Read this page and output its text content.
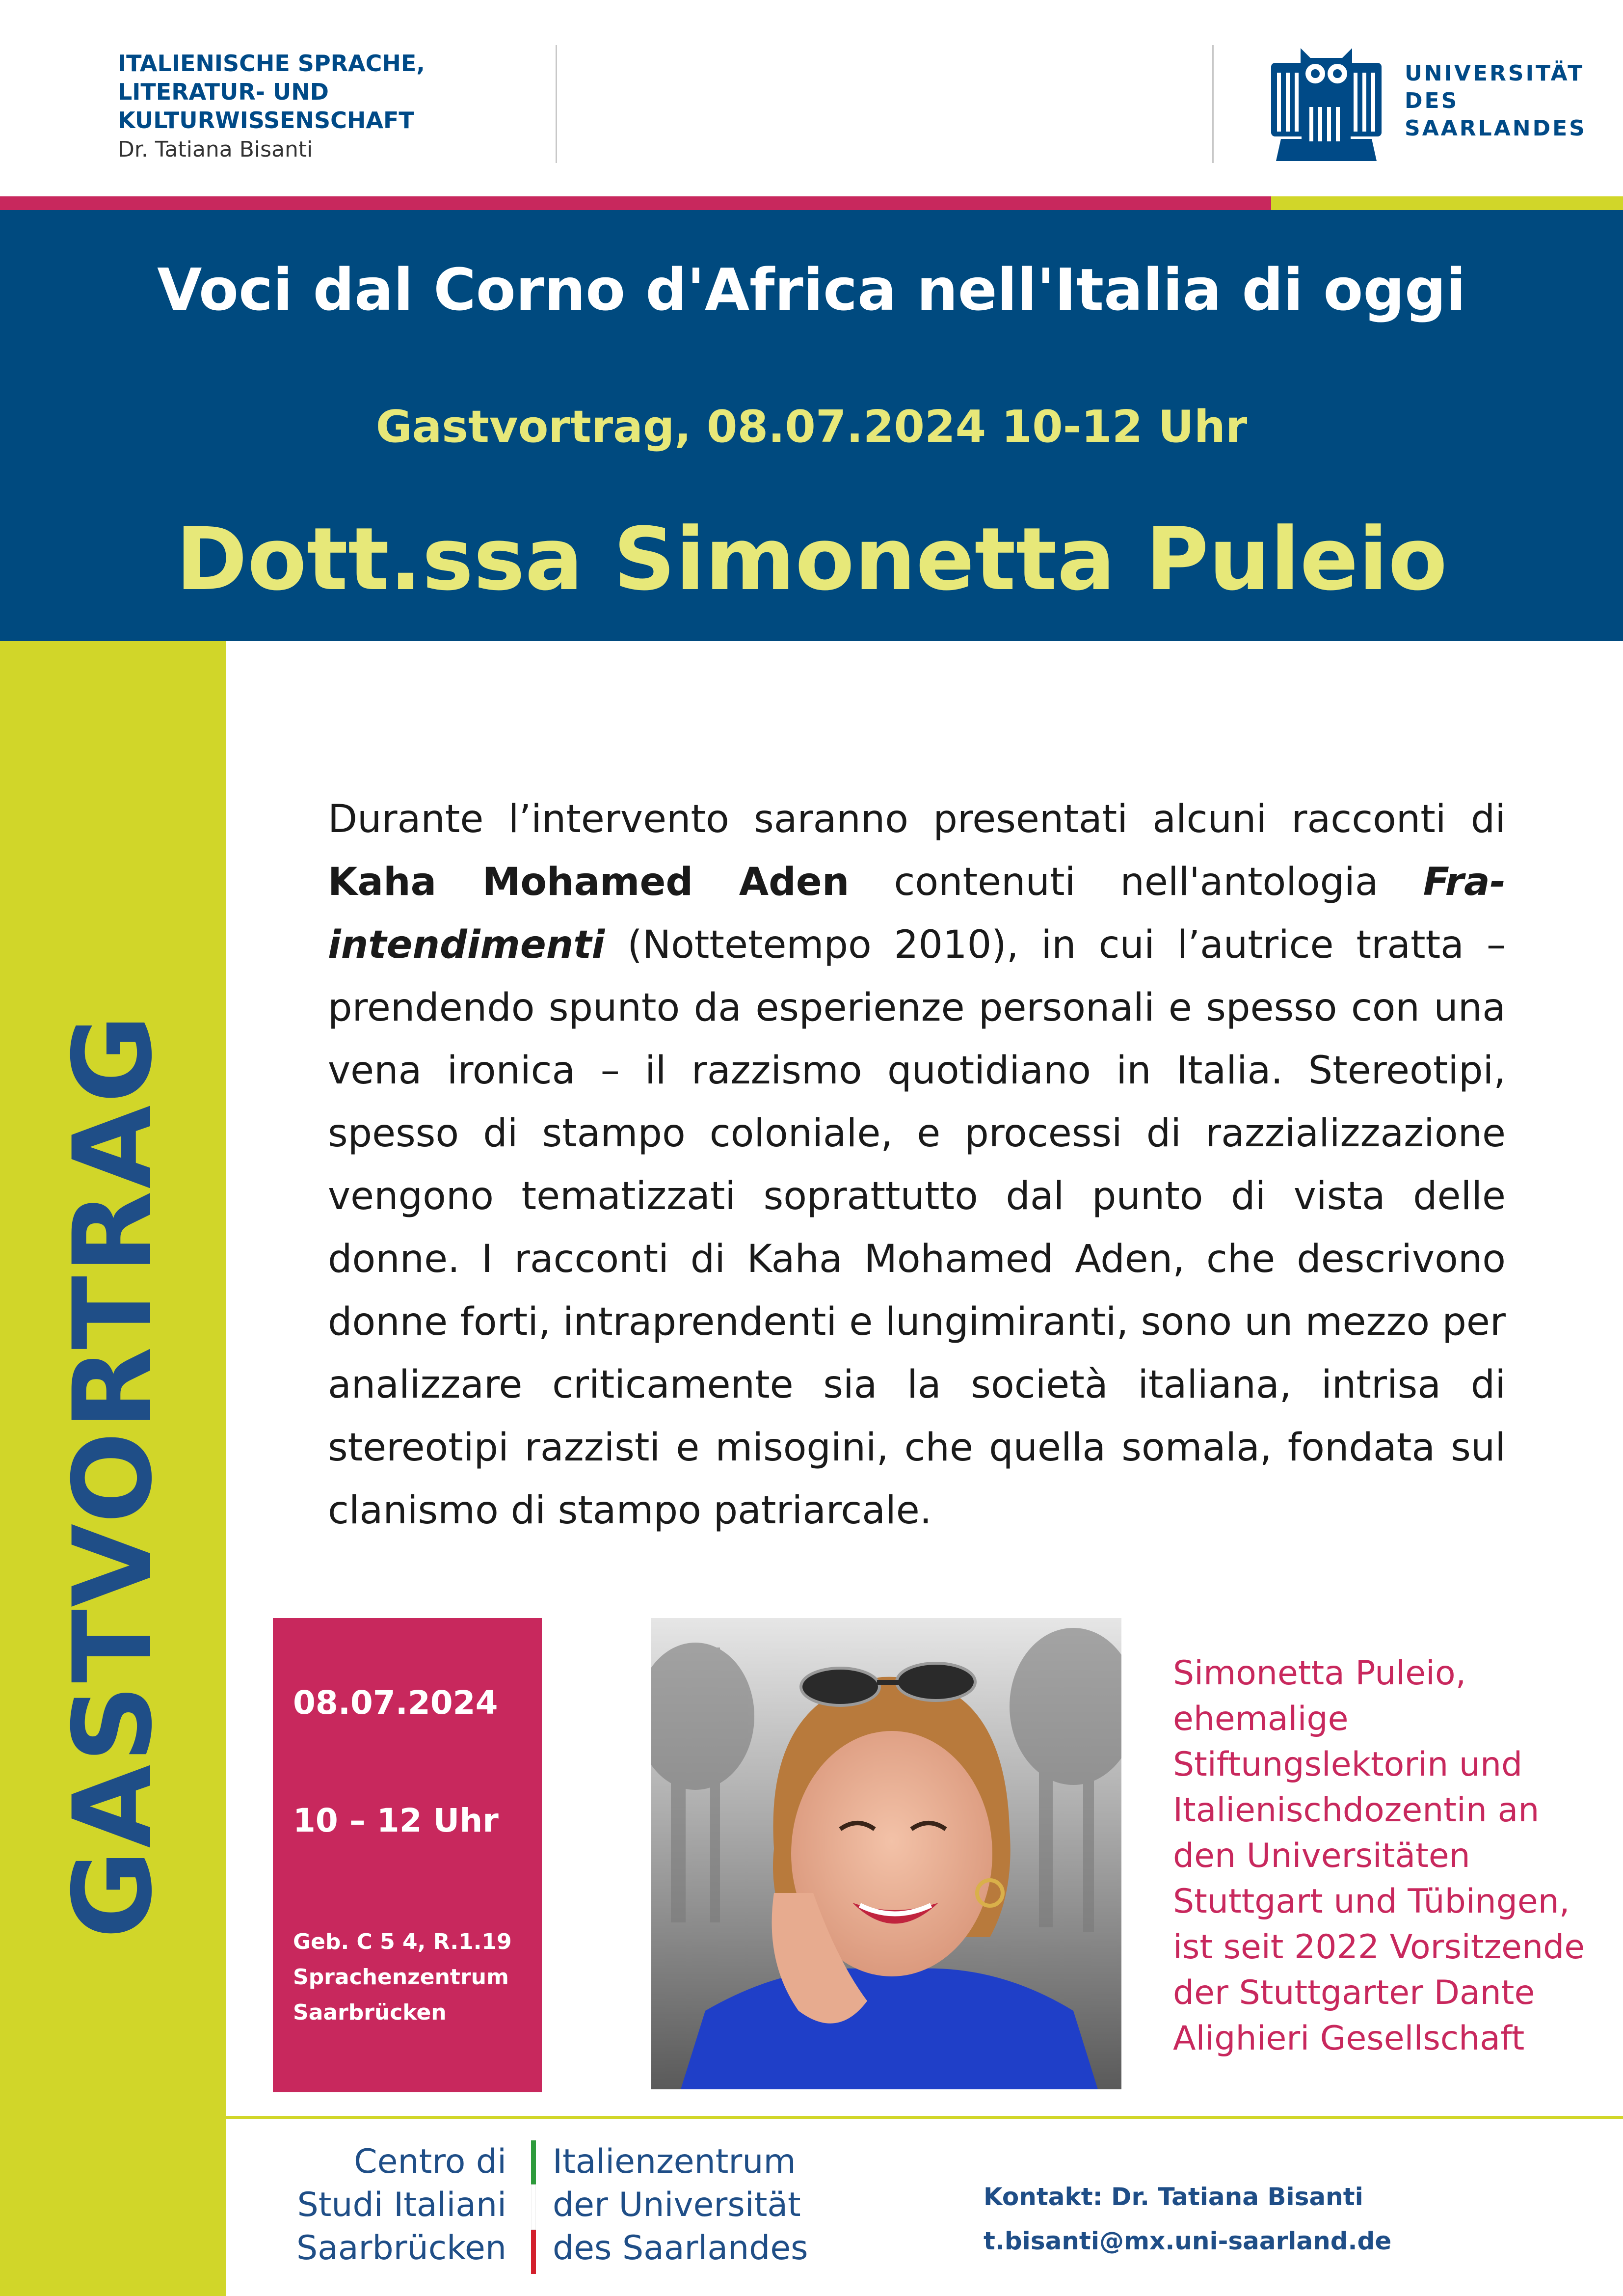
ITALIENISCHE SPRACHE,
LITERATUR- UND
KULTURWISSENSCHAFT
Dr. Tatiana Bisanti
UNIVERSITÄT
DES
SAARLANDES
Voci dal Corno d'Africa nell'Italia di oggi
Gastvortrag, 08.07.2024 10-12 Uhr
Dott.ssa Simonetta Puleio
GASTVORTRAG
Durante l’intervento saranno presentati alcuni racconti di Kaha Mohamed Aden contenuti nell'antologia Fra-intendimenti (Nottetempo 2010), in cui l’autrice tratta – prendendo spunto da esperienze personali e spesso con una vena ironica – il razzismo quotidiano in Italia. Stereotipi, spesso di stampo coloniale, e processi di razzializzazione vengono tematizzati soprattutto dal punto di vista delle donne. I racconti di Kaha Mohamed Aden, che descrivono donne forti, intraprendenti e lungimiranti, sono un mezzo per analizzare criticamente sia la società italiana, intrisa di stereotipi razzisti e misogini, che quella somala, fondata sul clanismo di stampo patriarcale.
08.07.2024
10 – 12 Uhr
Geb. C 5 4, R.1.19
Sprachenzentrum
Saarbrücken
Simonetta Puleio, ehemalige Stiftungslektorin und Italienischdozentin an den Universitäten Stuttgart und Tübingen, ist seit 2022 Vorsitzende der Stuttgarter Dante Alighieri Gesellschaft
Centro di
Studi Italiani
Saarbrücken
Italienzentrum
der Universität
des Saarlandes
Kontakt: Dr. Tatiana Bisanti
t.bisanti@mx.uni-saarland.de
